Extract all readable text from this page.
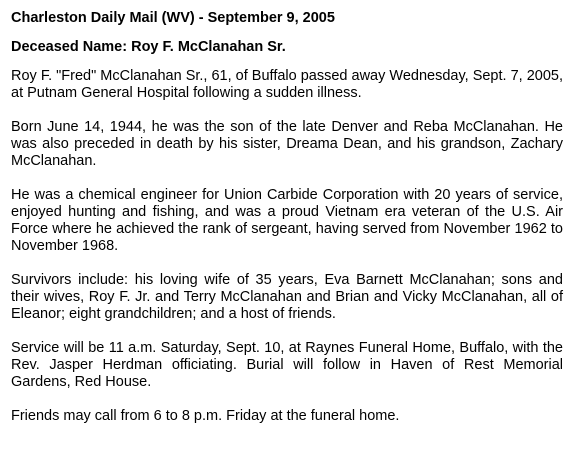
Charleston Daily Mail (WV) - September 9, 2005
Deceased Name: Roy F. McClanahan Sr.

Roy F. "Fred" McClanahan Sr., 61, of Buffalo passed away Wednesday, Sept. 7, 2005, at Putnam General Hospital following a sudden illness.

Born June 14, 1944, he was the son of the late Denver and Reba McClanahan. He was also preceded in death by his sister, Dreama Dean, and his grandson, Zachary McClanahan.

He was a chemical engineer for Union Carbide Corporation with 20 years of service, enjoyed hunting and fishing, and was a proud Vietnam era veteran of the U.S. Air Force where he achieved the rank of sergeant, having served from November 1962 to November 1968.

Survivors include: his loving wife of 35 years, Eva Barnett McClanahan; sons and their wives, Roy F. Jr. and Terry McClanahan and Brian and Vicky McClanahan, all of Eleanor; eight grandchildren; and a host of friends.

Service will be 11 a.m. Saturday, Sept. 10, at Raynes Funeral Home, Buffalo, with the Rev. Jasper Herdman officiating. Burial will follow in Haven of Rest Memorial Gardens, Red House.

Friends may call from 6 to 8 p.m. Friday at the funeral home.
